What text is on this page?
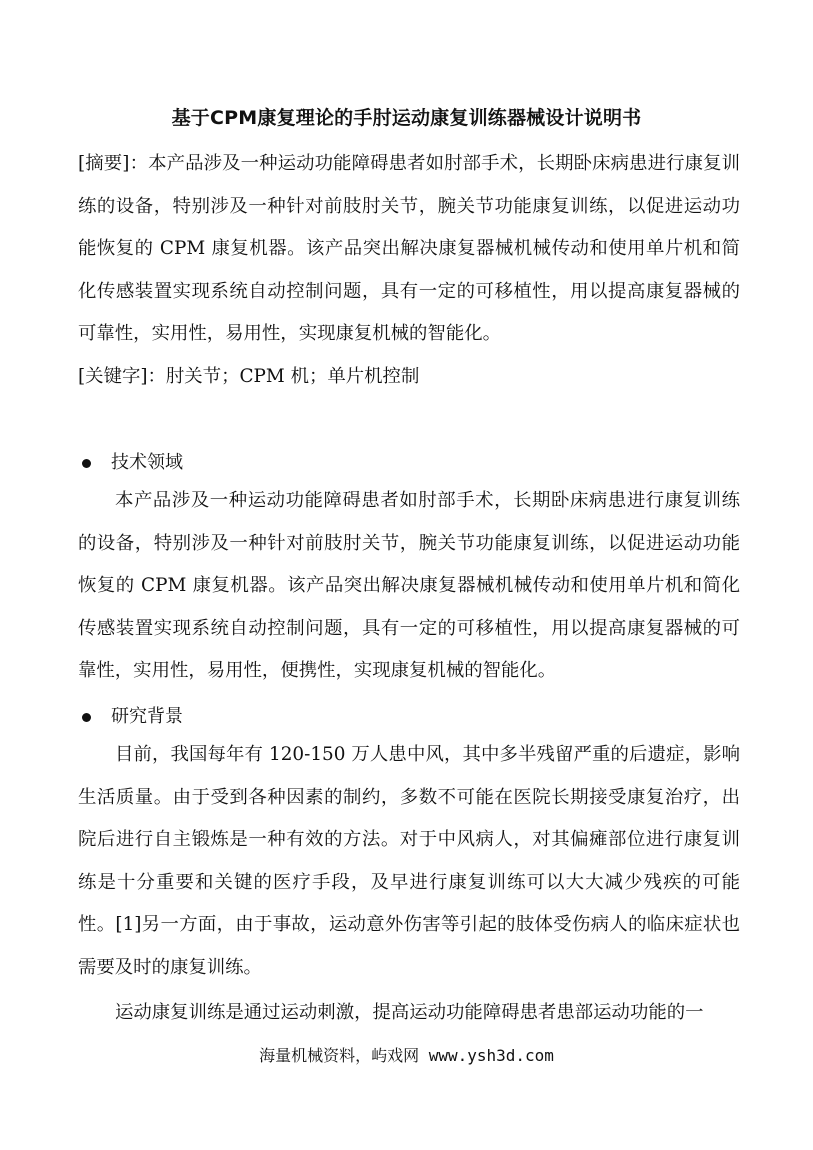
基于CPM康复理论的手肘运动康复训练器械设计说明书

[摘要]：本产品涉及一种运动功能障碍患者如肘部手术，长期卧床病患进行康复训练的设备，特别涉及一种针对前肢肘关节，腕关节功能康复训练，以促进运动功能恢复的 CPM 康复机器。该产品突出解决康复器械机械传动和使用单片机和简化传感装置实现系统自动控制问题，具有一定的可移植性，用以提高康复器械的可靠性，实用性，易用性，实现康复机械的智能化。

[关键字]：肘关节；CPM 机；单片机控制

技术领域

本产品涉及一种运动功能障碍患者如肘部手术，长期卧床病患进行康复训练的设备，特别涉及一种针对前肢肘关节，腕关节功能康复训练，以促进运动功能恢复的 CPM 康复机器。该产品突出解决康复器械机械传动和使用单片机和简化传感装置实现系统自动控制问题，具有一定的可移植性，用以提高康复器械的可靠性，实用性，易用性，便携性，实现康复机械的智能化。

研究背景

目前，我国每年有 120-150 万人患中风，其中多半残留严重的后遗症，影响生活质量。由于受到各种因素的制约，多数不可能在医院长期接受康复治疗，出院后进行自主锻炼是一种有效的方法。对于中风病人，对其偏瘫部位进行康复训练是十分重要和关键的医疗手段，及早进行康复训练可以大大减少残疾的可能性。[1]另一方面，由于事故，运动意外伤害等引起的肢体受伤病人的临床症状也需要及时的康复训练。

运动康复训练是通过运动刺激，提高运动功能障碍患者患部运动功能的一

海量机械资料，屿戏网 www.ysh3d.com
